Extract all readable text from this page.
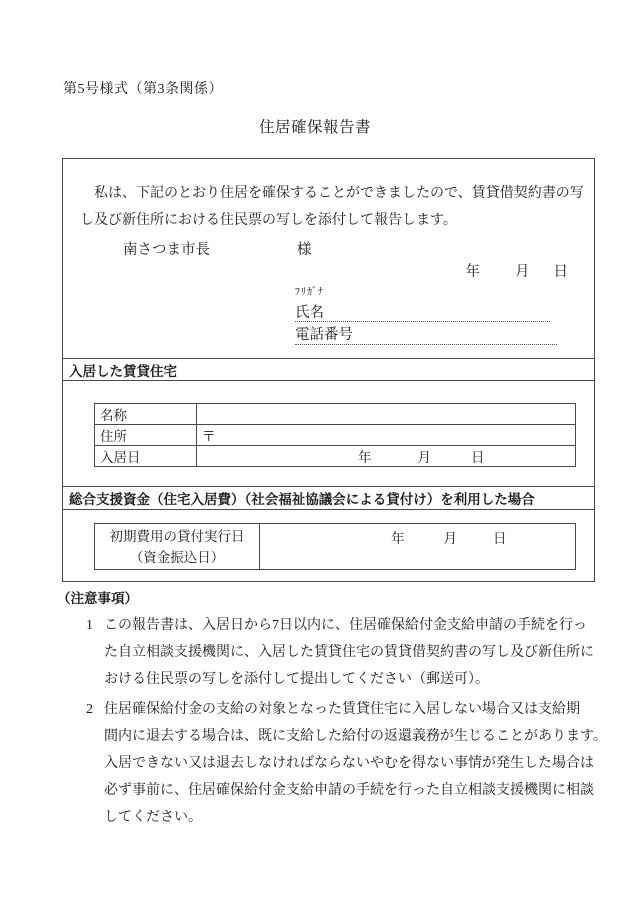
第5号様式（第3条関係）
住居確保報告書
　私は、下記のとおり住居を確保することができましたので、賃貸借契約書の写
し及び新住所における住民票の写しを添付して報告します。
南さつま市長	様
年 月 日
ﾌﾘｶﾞﾅ
氏名
電話番号
入居した賃貸住宅
名称	
住所	〒
入居日	年 月 日
総合支援資金（住宅入居費）（社会福祉協議会による貸付け）を利用した場合
初期費用の貸付実行日
（資金振込日）
	年	月	日
（注意事項）
1 この報告書は、入居日から7日以内に、住居確保給付金支給申請の手続を行っ
た自立相談支援機関に、入居した賃貸住宅の賃貸借契約書の写し及び新住所に
おける住民票の写しを添付して提出してください（郵送可）。
2 住居確保給付金の支給の対象となった賃貸住宅に入居しない場合又は支給期
間内に退去する場合は、既に支給した給付の返還義務が生じることがあります。
入居できない又は退去しなければならないやむを得ない事情が発生した場合は
必ず事前に、住居確保給付金支給申請の手続を行った自立相談支援機関に相談
してください。
